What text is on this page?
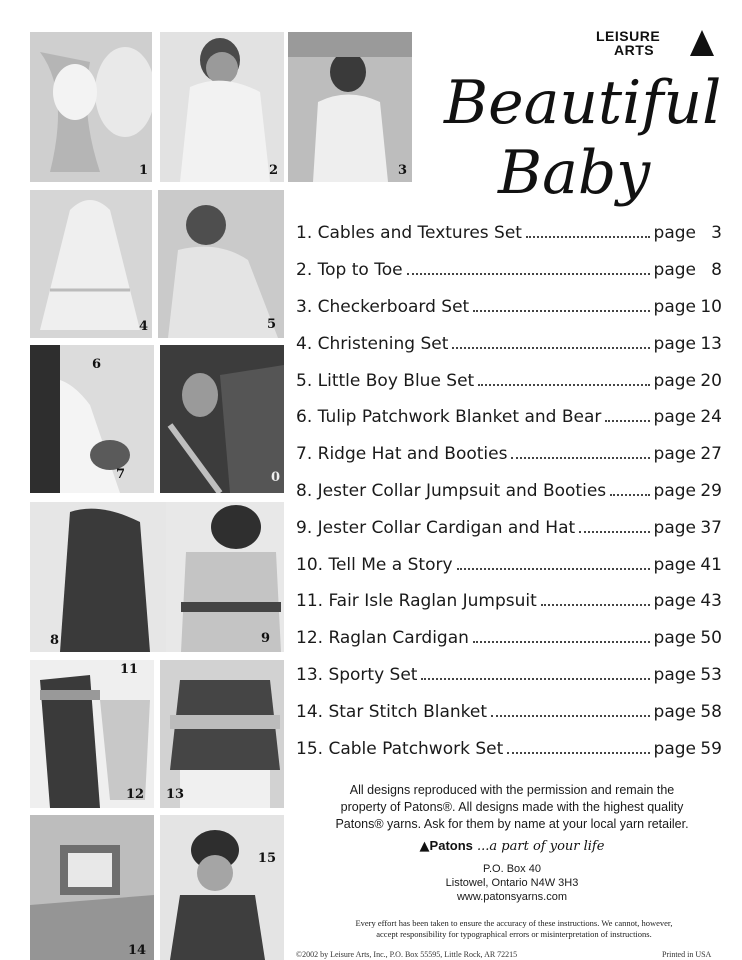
1	2	3
4	5
6
7	0
8	9
11
12 13
14
15
LEISURE
ARTS
Beautiful
Baby
1. Cables and Textures Set	page 3
2. Top to Toe	page 8
3. Checkerboard Set	page 10
4. Christening Set	page 13
5. Little Boy Blue Set	page 20
6. Tulip Patchwork Blanket and Bear	page 24
7. Ridge Hat and Booties	page 27
8. Jester Collar Jumpsuit and Booties	page 29
9. Jester Collar Cardigan and Hat	page 37
10. Tell Me a Story	page 41
11. Fair Isle Raglan Jumpsuit	page 43
12. Raglan Cardigan	page 50
13. Sporty Set	page 53
14. Star Stitch Blanket	page 58
15. Cable Patchwork Set	page 59
All designs reproduced with the permission and remain the
property of Patons®. All designs made with the highest quality
Patons® yarns. Ask for them by name at your local yarn retailer.
▲Patons ...a part of your life
P.O. Box 40
Listowel, Ontario N4W 3H3
www.patonsyarns.com
Every effort has been taken to ensure the accuracy of these instructions. We cannot, however,
accept responsibility for typographical errors or misinterpretation of instructions.
©2002 by Leisure Arts, Inc., P.O. Box 55595, Little Rock, AR 72215	Printed in USA
